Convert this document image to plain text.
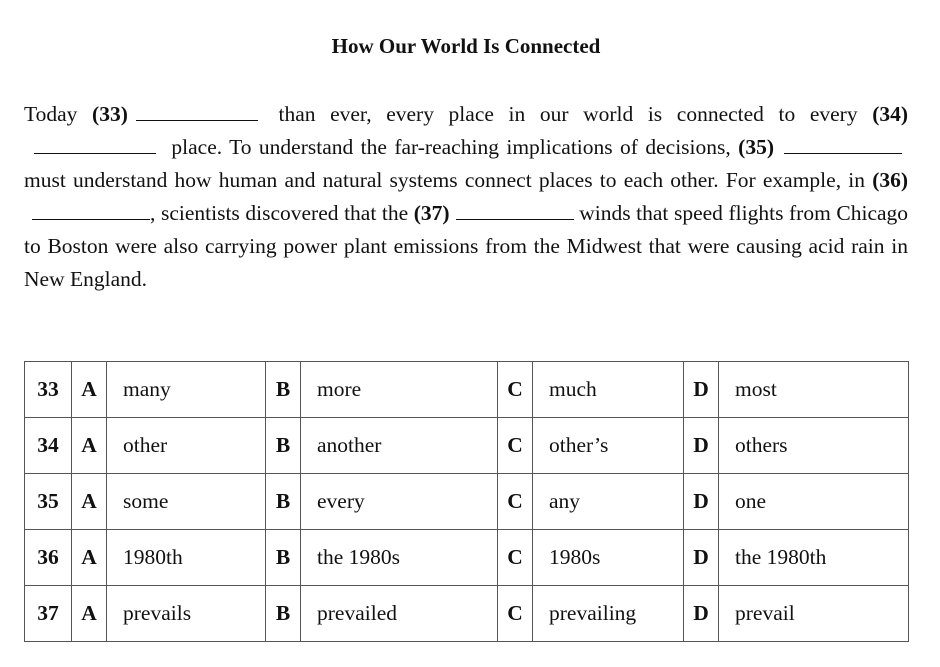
How Our World Is Connected
Today (33)	than ever, every place in our world is connected to every (34) place. To understand the far-reaching implications of decisions, (35) must understand how human and natural systems connect places to each other. For example, in (36), scientists discovered that the (37)	winds that speed flights from Chicago to Boston were also carrying power plant emissions from the Midwest that were causing acid rain in New England.
33	A	many	B	more	C	much	D	most
34	A	other	B	another	C	other’s	D	others
35	A	some	B	every	C	any	D	one
36	A	1980th	B	the 1980s	C	1980s	D	the 1980th
37	A	prevails	B	prevailed	C	prevailing	D	prevail
